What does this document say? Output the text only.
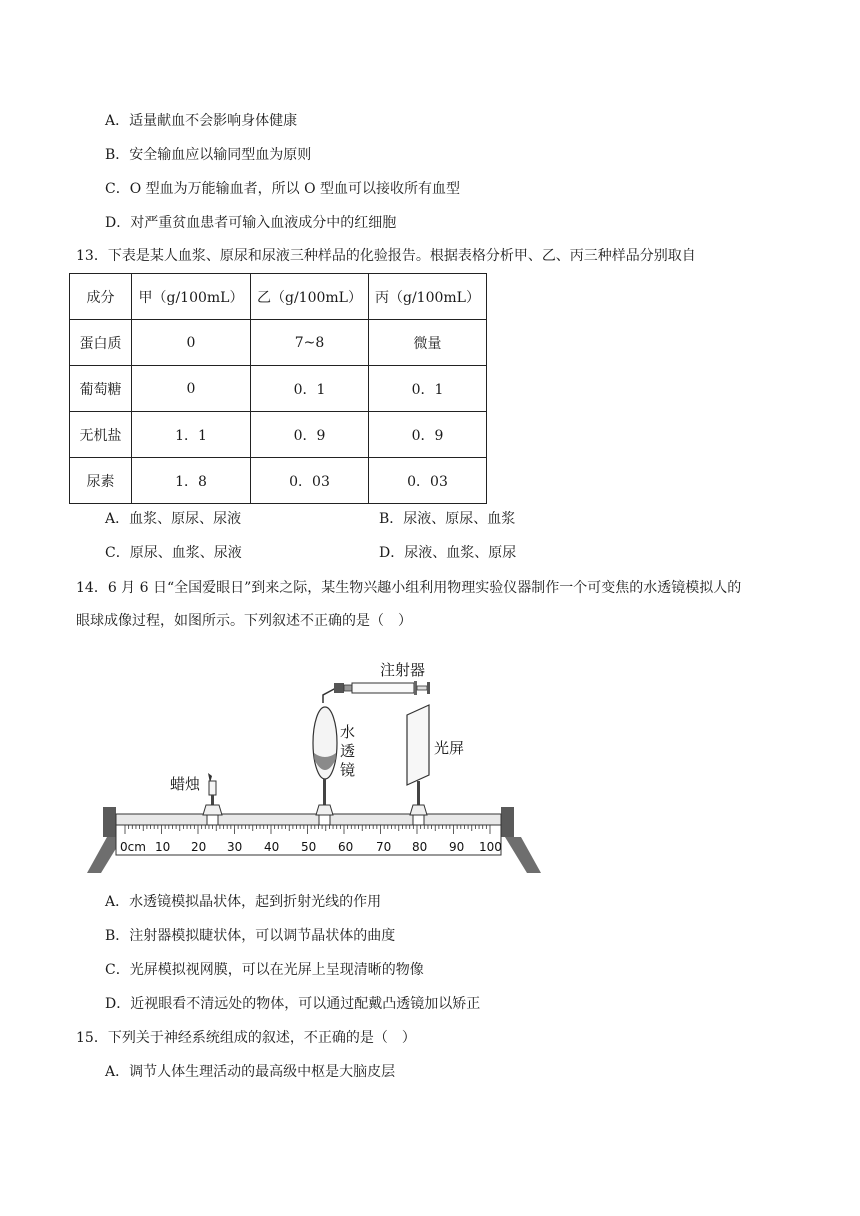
A．适量献血不会影响身体健康
B．安全输血应以输同型血为原则
C．O 型血为万能输血者，所以 O 型血可以接收所有血型
D．对严重贫血患者可输入血液成分中的红细胞
13．下表是某人血浆、原尿和尿液三种样品的化验报告。根据表格分析甲、乙、丙三种样品分别取自
成分	甲（g/100mL）	乙（g/100mL）	丙（g/100mL）
蛋白质	0	7~8	微量
葡萄糖	0	0．1	0．1
无机盐	1．1	0．9	0．9
尿素	1．8	0．03	0．03
A．血浆、原尿、尿液	B．尿液、原尿、血浆
C．原尿、血浆、尿液	D．尿液、血浆、原尿
14．6 月 6 日“全国爱眼日”到来之际，某生物兴趣小组利用物理实验仪器制作一个可变焦的水透镜模拟人的
眼球成像过程，如图所示。下列叙述不正确的是（　）
0cm 10 20 30 40 50 60 70 80 90 100
蜡烛
水
透
镜
注射器
光屏
A．水透镜模拟晶状体，起到折射光线的作用
B．注射器模拟睫状体，可以调节晶状体的曲度
C．光屏模拟视网膜，可以在光屏上呈现清晰的物像
D．近视眼看不清远处的物体，可以通过配戴凸透镜加以矫正
15．下列关于神经系统组成的叙述，不正确的是（　）
A．调节人体生理活动的最高级中枢是大脑皮层
